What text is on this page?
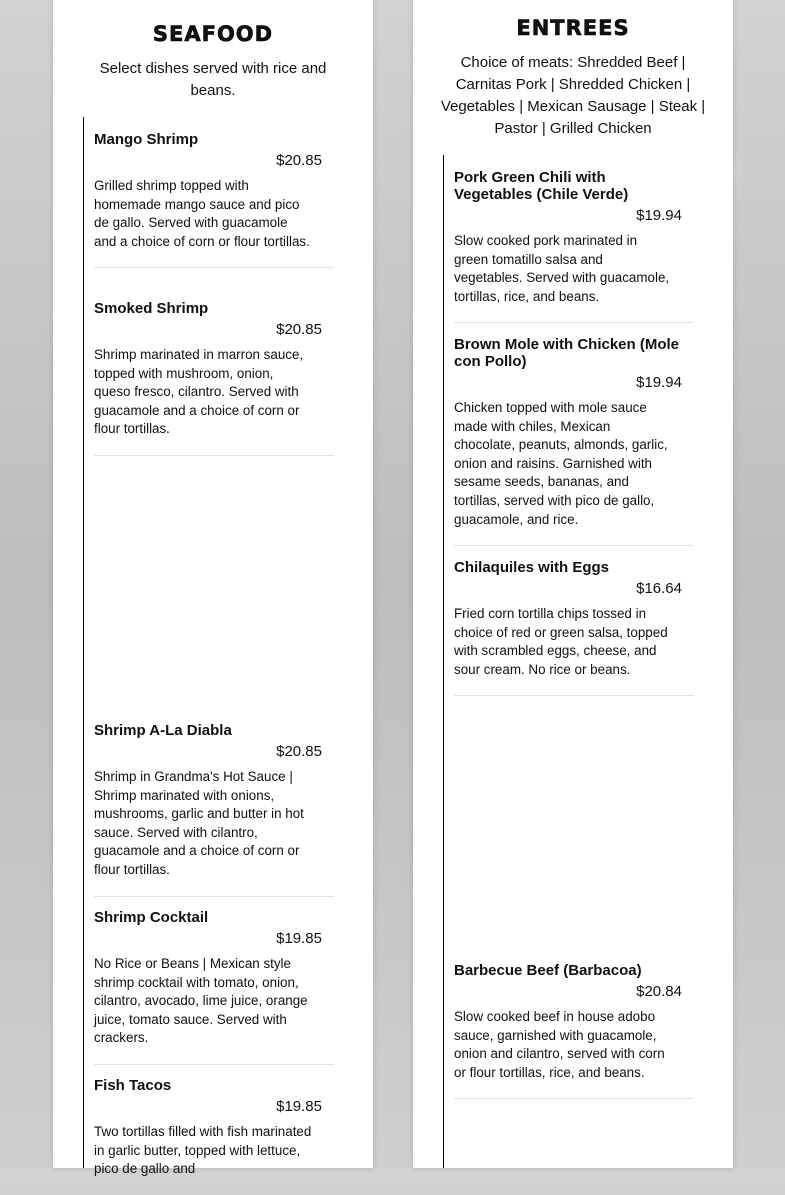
SEAFOOD

Select dishes served with rice and beans.

Mango Shrimp
$20.85

Grilled shrimp topped with homemade mango sauce and pico de gallo. Served with guacamole and a choice of corn or flour tortillas.

Smoked Shrimp
$20.85

Shrimp marinated in marron sauce, topped with mushroom, onion, queso fresco, cilantro. Served with guacamole and a choice of corn or flour tortillas.

Shrimp A-La Diabla
$20.85

Shrimp in Grandma's Hot Sauce | Shrimp marinated with onions, mushrooms, garlic and butter in hot sauce. Served with cilantro, guacamole and a choice of corn or flour tortillas.

Shrimp Cocktail
$19.85

No Rice or Beans | Mexican style shrimp cocktail with tomato, onion, cilantro, avocado, lime juice, orange juice, tomato sauce. Served with crackers.

Fish Tacos
$19.85

Two tortillas filled with fish marinated in garlic butter, topped with lettuce, pico de gallo and

ENTREES

Choice of meats: Shredded Beef | Carnitas Pork | Shredded Chicken | Vegetables | Mexican Sausage | Steak | Pastor | Grilled Chicken

Pork Green Chili with Vegetables (Chile Verde)
$19.94

Slow cooked pork marinated in green tomatillo salsa and vegetables. Served with guacamole, tortillas, rice, and beans.

Brown Mole with Chicken (Mole con Pollo)
$19.94

Chicken topped with mole sauce made with chiles, Mexican chocolate, peanuts, almonds, garlic, onion and raisins. Garnished with sesame seeds, bananas, and tortillas, served with pico de gallo, guacamole, and rice.

Chilaquiles with Eggs
$16.64

Fried corn tortilla chips tossed in choice of red or green salsa, topped with scrambled eggs, cheese, and sour cream. No rice or beans.

Barbecue Beef (Barbacoa)
$20.84

Slow cooked beef in house adobo sauce, garnished with guacamole, onion and cilantro, served with corn or flour tortillas, rice, and beans.
